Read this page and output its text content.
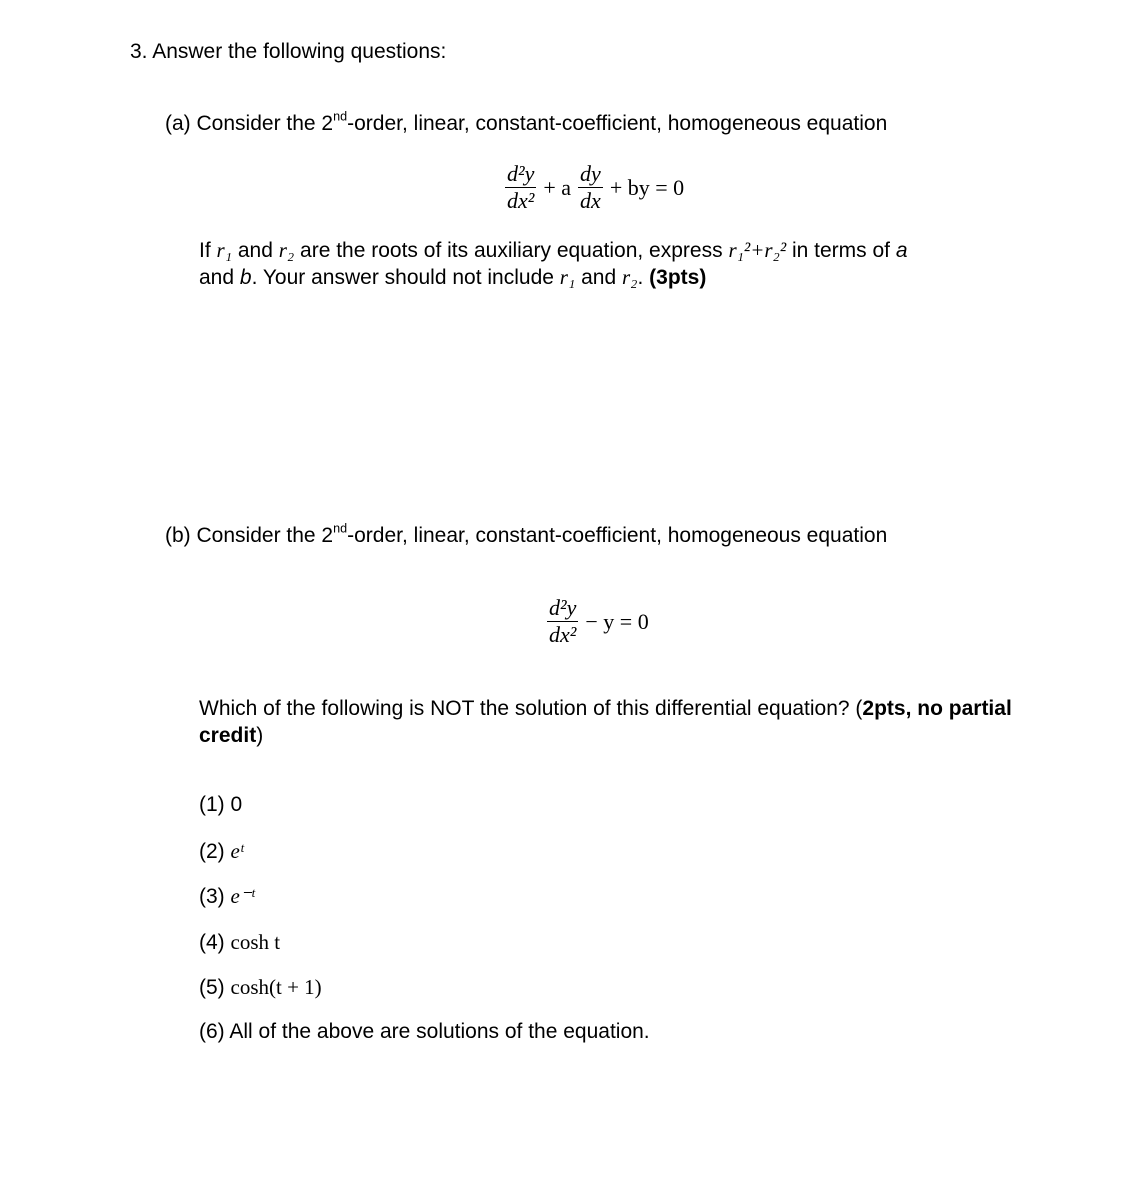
3. Answer the following questions:
(a) Consider the 2nd-order, linear, constant-coefficient, homogeneous equation
$\frac{\text{d²y}}{\text{dx²}} + a \frac{dy}{dx}$ + by = 0
If r₁ and r₂ are the roots of its auxiliary equation, express r₁²+r₂² in terms of a
and b. Your answer should not include r₁ and r₂. (3pts)
(b) Consider the 2nd-order, linear, constant-coefficient, homogeneous equation
$\frac{\text{d²y}}{\text{dx²}} - y = 0$
Which of the following is NOT the solution of this differential equation? (2pts, no partial credit)
(1) 0
(2) eᵗ
(3) e⁻ᵗ
(4) cosh t
(5) cosh(t + 1)
(6) All of the above are solutions of the equation.
